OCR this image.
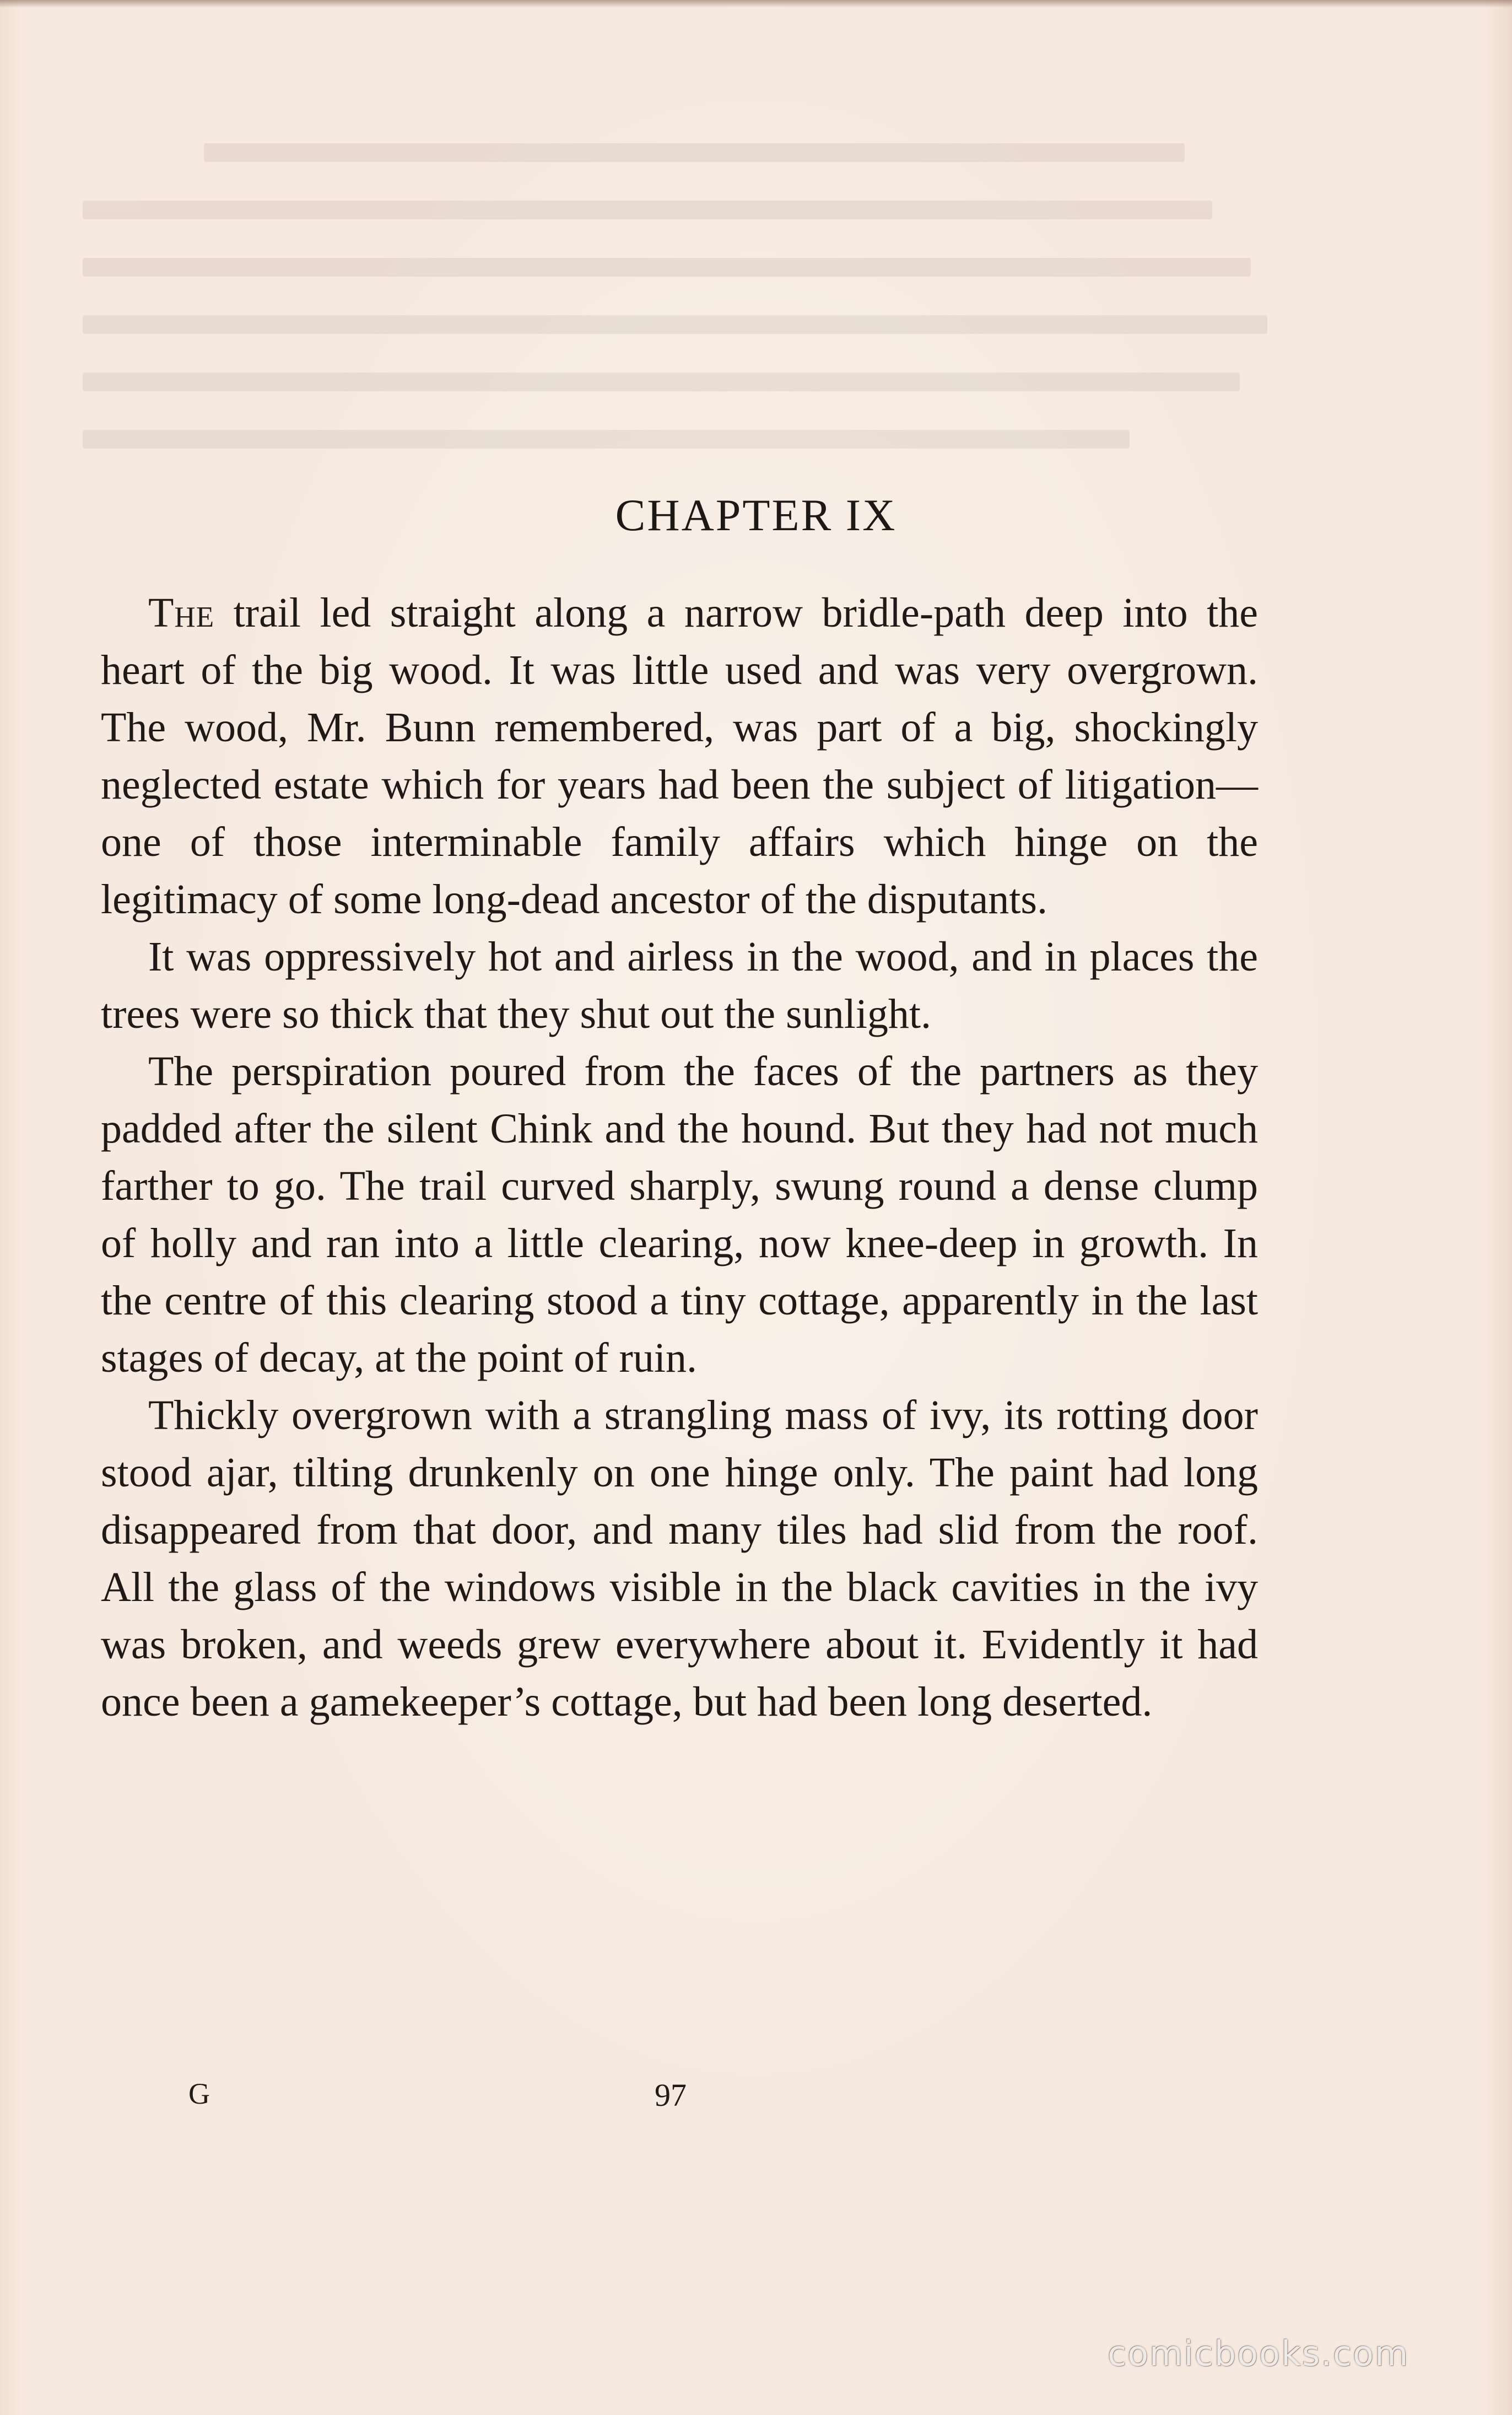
CHAPTER IX

The trail led straight along a narrow bridle-path deep into the heart of the big wood. It was little used and was very overgrown. The wood, Mr. Bunn remembered, was part of a big, shockingly neglected estate which for years had been the subject of litigation—one of those interminable family affairs which hinge on the legitimacy of some long-dead ancestor of the disputants.

It was oppressively hot and airless in the wood, and in places the trees were so thick that they shut out the sunlight.

The perspiration poured from the faces of the partners as they padded after the silent Chink and the hound. But they had not much farther to go. The trail curved sharply, swung round a dense clump of holly and ran into a little clearing, now knee-deep in growth. In the centre of this clearing stood a tiny cottage, apparently in the last stages of decay, at the point of ruin.

Thickly overgrown with a strangling mass of ivy, its rotting door stood ajar, tilting drunkenly on one hinge only. The paint had long disappeared from that door, and many tiles had slid from the roof. All the glass of the windows visible in the black cavities in the ivy was broken, and weeds grew everywhere about it. Evidently it had once been a gamekeeper’s cottage, but had been long deserted.

G	97
comicbooks.com
